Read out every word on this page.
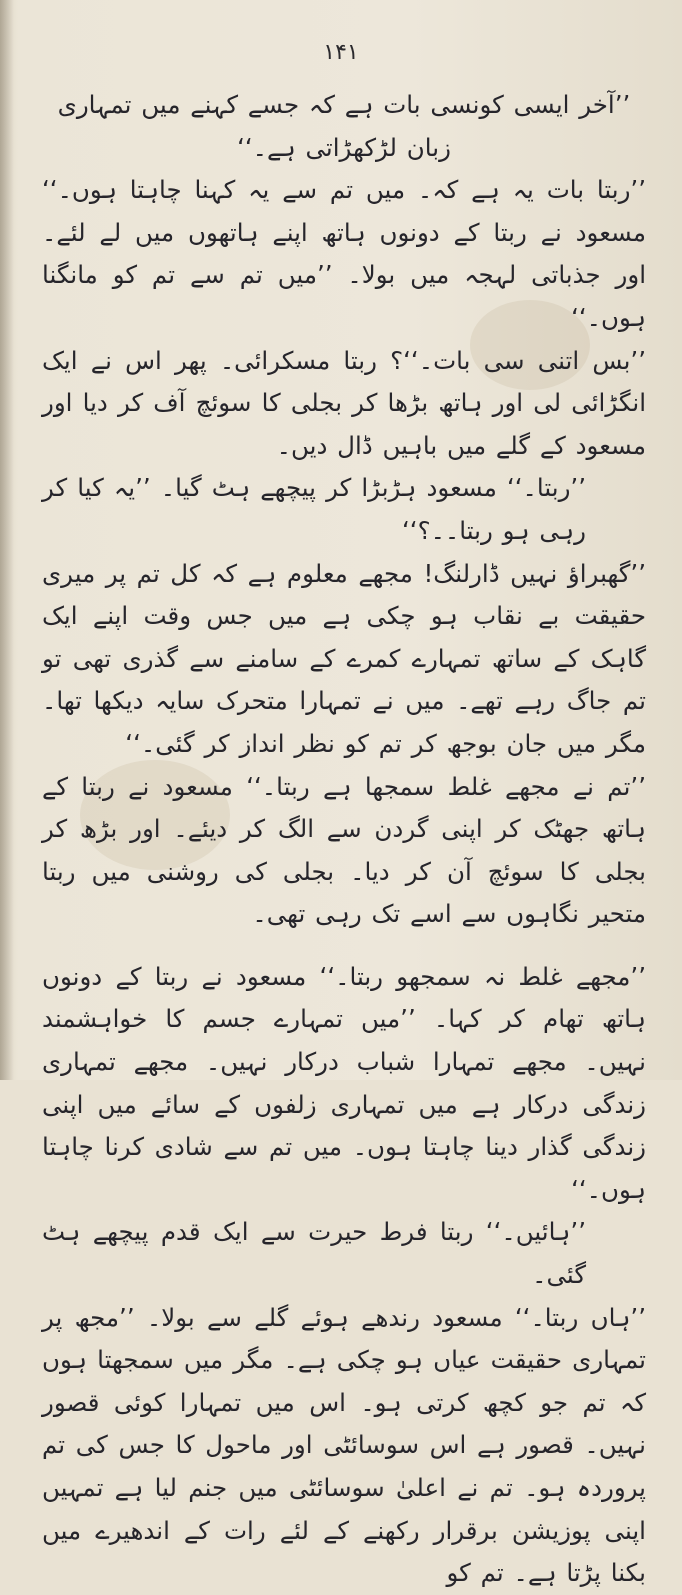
۱۴۱

’’آخر ایسی کونسی بات ہے کہ جسے کہنے میں تمہاری زبان لڑکھڑاتی ہے۔‘‘

’’ربتا بات یہ ہے کہ۔ میں تم سے یہ کہنا چاہتا ہوں۔‘‘ مسعود نے ربتا کے دونوں ہاتھ اپنے ہاتھوں میں لے لئے۔ اور جذباتی لہجہ میں بولا۔ ’’میں تم سے تم کو مانگنا ہوں۔‘‘

’’بس اتنی سی بات۔‘‘؟ ربتا مسکرائی۔ پھر اس نے ایک انگڑائی لی اور ہاتھ بڑھا کر بجلی کا سوئچ آف کر دیا اور مسعود کے گلے میں باہیں ڈال دیں۔

’’ربتا۔‘‘ مسعود ہڑبڑا کر پیچھے ہٹ گیا۔ ’’یہ کیا کر رہی ہو ربتا۔۔؟‘‘

’’گھبراؤ نہیں ڈارلنگ! مجھے معلوم ہے کہ کل تم پر میری حقیقت بے نقاب ہو چکی ہے میں جس وقت اپنے ایک گاہک کے ساتھ تمہارے کمرے کے سامنے سے گذری تھی تو تم جاگ رہے تھے۔ میں نے تمہارا متحرک سایہ دیکھا تھا۔ مگر میں جان بوجھ کر تم کو نظر انداز کر گئی۔‘‘

’’تم نے مجھے غلط سمجھا ہے ربتا۔‘‘ مسعود نے ربتا کے ہاتھ جھٹک کر اپنی گردن سے الگ کر دیئے۔ اور بڑھ کر بجلی کا سوئچ آن کر دیا۔ بجلی کی روشنی میں ربتا متحیر نگاہوں سے اسے تک رہی تھی۔

’’مجھے غلط نہ سمجھو ربتا۔‘‘ مسعود نے ربتا کے دونوں ہاتھ تھام کر کہا۔ ’’میں تمہارے جسم کا خواہشمند نہیں۔ مجھے تمہارا شباب درکار نہیں۔ مجھے تمہاری زندگی درکار ہے میں تمہاری زلفوں کے سائے میں اپنی زندگی گذار دینا چاہتا ہوں۔ میں تم سے شادی کرنا چاہتا ہوں۔‘‘

’’ہائیں۔‘‘ ربتا فرط حیرت سے ایک قدم پیچھے ہٹ گئی۔

’’ہاں ربتا۔‘‘ مسعود رندھے ہوئے گلے سے بولا۔ ’’مجھ پر تمہاری حقیقت عیاں ہو چکی ہے۔ مگر میں سمجھتا ہوں کہ تم جو کچھ کرتی ہو۔ اس میں تمہارا کوئی قصور نہیں۔ قصور ہے اس سوسائٹی اور ماحول کا جس کی تم پروردہ ہو۔ تم نے اعلیٰ سوسائٹی میں جنم لیا ہے تمہیں اپنی پوزیشن برقرار رکھنے کے لئے رات کے اندھیرے میں بکنا پڑتا ہے۔ تم کو
